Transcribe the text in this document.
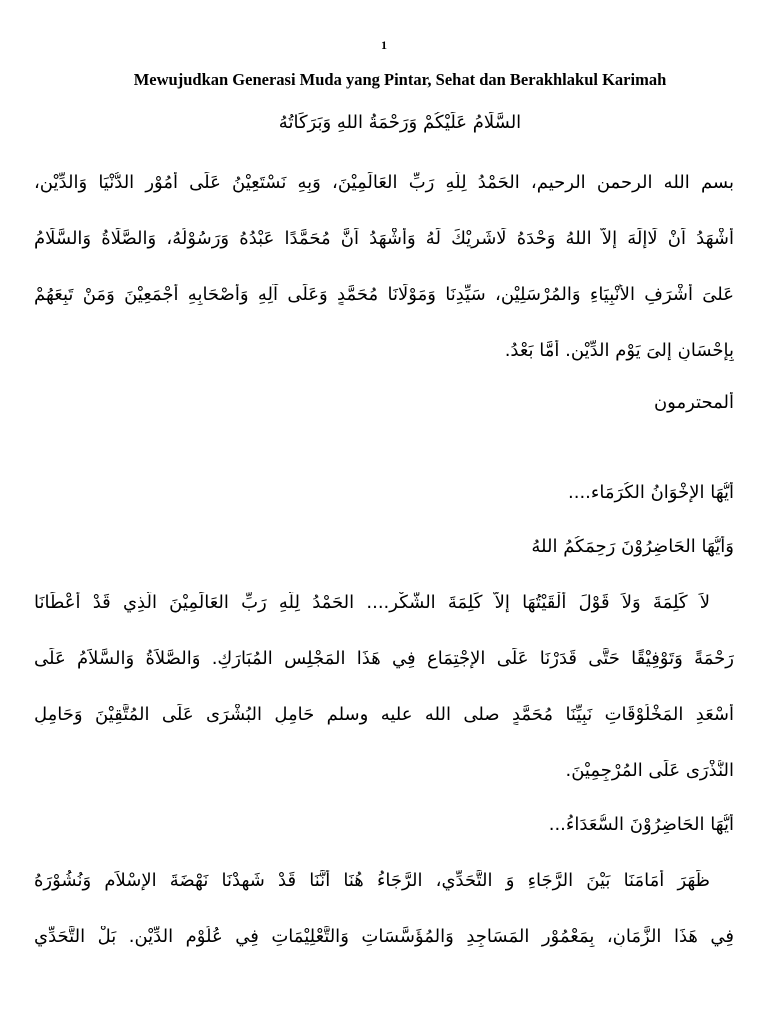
1
Mewujudkan Generasi Muda yang Pintar, Sehat dan Berakhlakul Karimah
السَّلَامُ عَلَيْكُمْ وَرَحْمَةُ اللهِ وَبَرَكَاتُهُ
بسم الله الرحمن الرحيم، الحَمْدُ لِلَّهِ رَبِّ العَالَمِيْنَ، وَبِهِ نَسْتَعِيْنُ عَلَى أُمُوْرِ الدُّنْيَا وَالدِّيْنِ،
أَشْهَدُ اَنْ لَاإِلَهَ إِلاَّ اللهُ وَحْدَهُ لَاشَرِيْكَ لَهُ وَأَشْهَدُ اَنَّ مُحَمَّدًا عَبْدُهُ وَرَسُوْلُهُ، وَالصَّلَاةُ وَالسَّلَامُ
عَلىَ أَشْرَفِ الأَنْبِيَاءِ وَالمُرْسَلِيْن، سَيِّدِنَا وَمَوْلَانَا مُحَمَّدٍ وَعَلَى آلِهِ وَأَصْحَابِهِ أَجْمَعِيْنَ وَمَنْ تَبِعَهُمْ
بِإِحْسَانٍ إِلىَ يَوْمِ الدِّيْنِ. أَمَّا بَعْدُ.
أَلمحترمون
أَيُّهَا الإِخْوَانُ الكُرَمَاء....
وَأَيُّهَا الحَاضِرُوْنَ رَحِمَكُمُ اللهُ
لاَ كَلِمَةَ وَلاَ قَوْلَ أَلْقَيْتُهَا إِلاَّ كَلِمَةَ الشُّكْرِ.... الحَمْدُ لِلَّهِ رَبِّ العَالَمِيْنَ الَّذِي قَدْ أَعْطَانَا
رَحْمَةً وَتَوْفِيْقًا حَتَّى قَدَرْنَا عَلَى الإِجْتِمَاعِ فِي هَذَا المَجْلِسِ المُبَارَكِ. وَالصَّلاَةُ وَالسَّلاَمُ عَلَى
أَسْعَدِ المَخْلُوْقَاتِ نَبِيِّنَا مُحَمَّدٍ صلى الله عليه وسلم حَامِلِ البُشْرَى عَلَى المُتَّقِيْنَ وَحَامِلِ
النُّذْرَى عَلَى المُرْجِمِيْنَ.
أَيُّهَا الحَاضِرُوْنَ السُّعَدَاءُ...
ظَهَرَ أَمَامَنَا بَيْنَ الرَّجَاءِ وَ التَّحَدِّي، الرَّجَاءُ هُنَا أَنَّنَا قَدْ شَهِدْنَا نَهْضَةَ الإِسْلاَمِ وَنُشُوْرَهُ
فِي هَذَا الزَّمَانِ، بِمَعْمُوْرِ المَسَاجِدِ وَالمُؤَسَّسَاتِ وَالتَّعْلِيْمَاتِ فِي عُلُوْمِ الدِّيْنِ. بَلْ التَّحَدِّي
